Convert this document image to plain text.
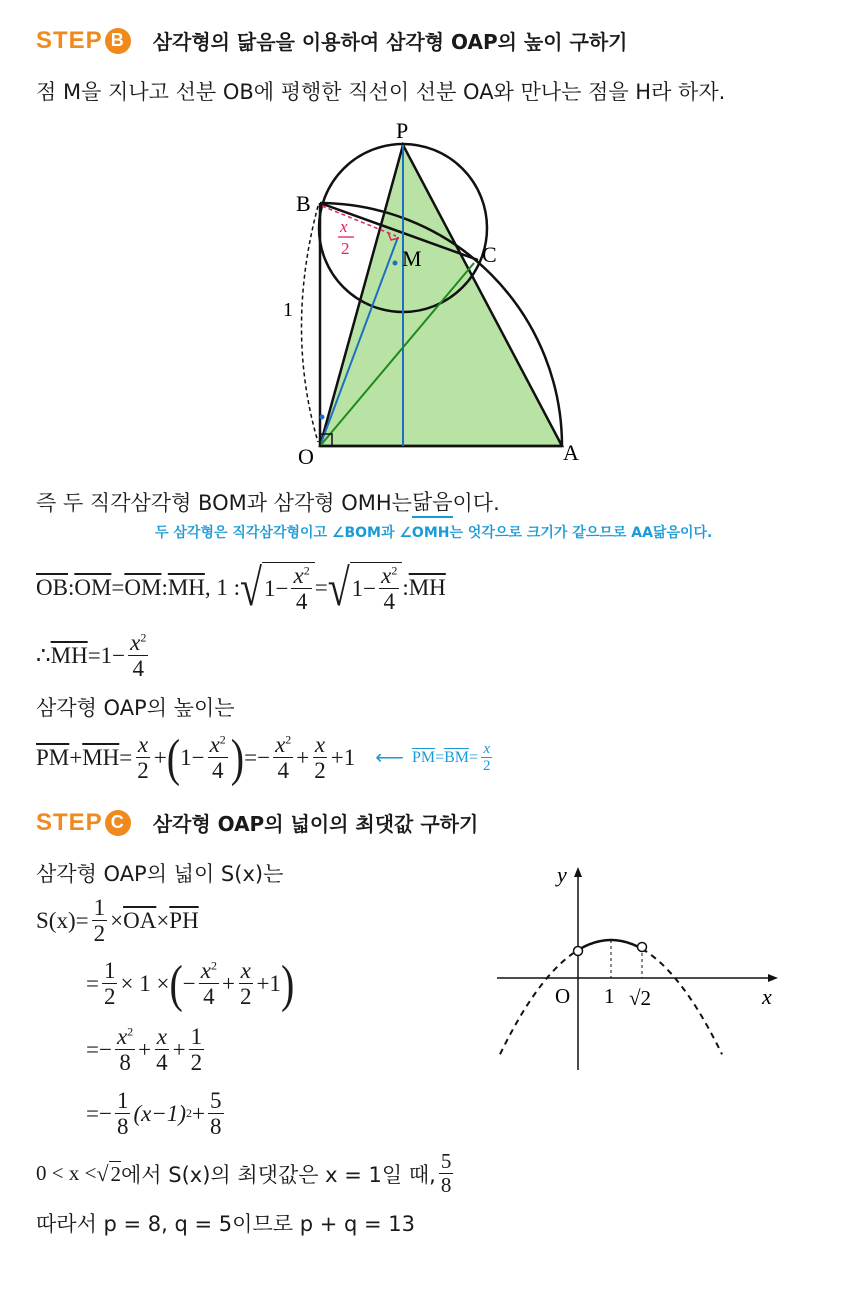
STEP B	삼각형의 닮음을 이용하여 삼각형 OAP의 높이 구하기
점 M을 지나고 선분 OB에 평행한 직선이 선분 OA와 만나는 점을 H라 하자.
P
B
C
M
O	A
1
x
2
즉 두 직각삼각형 BOM과 삼각형 OMH는 닮음 이다.
두 삼각형은 직각삼각형이고 ∠BOM과 ∠OMH는 엇각으로 크기가 같으므로 AA닮음이다.
$\overline{OB}$ : $\overline{OM} = \overline{OM}$ : $\overline{MH}$ , 1 : √ $1- \frac{x^2}{4}$ = √ $1- \frac{x^2}{4}$ : $\overline{MH}$
∴ $\overline{MH} =1- \frac{x^2}{4}$
삼각형 OAP의 높이는
$\overline{PM} + \overline{MH} = \frac{x}{2}$ + ( $1- \frac{x^2}{4}$ ) =− $\frac{x^2}{4} + \frac{x}{2} +1$ ⟵ $\overline{PM} = \overline{BM} = \frac{x}{2}$
STEP C	삼각형 OAP의 넓이의 최댓값 구하기
삼각형 OAP의 넓이 S(x)는
$S(x)= \frac{1}{2} \times \overline{OA} \times \overline{PH}$
= $\frac{1}{2} \times 1$ × ( − $\frac{x^2}{4} + \frac{x}{2} +1$ )
=− $\frac{x^2}{8} + \frac{x}{4} + \frac{1}{2}$
=− $\frac{1}{8} (x-1) 2 + \frac{5}{8}$
0 < x < √ 2 에서 S(x)의 최댓값은 x = 1일 때, $\frac{5}{8}$
따라서 p = 8, q = 5이므로 p + q = 13
y
x
O 1 √2
